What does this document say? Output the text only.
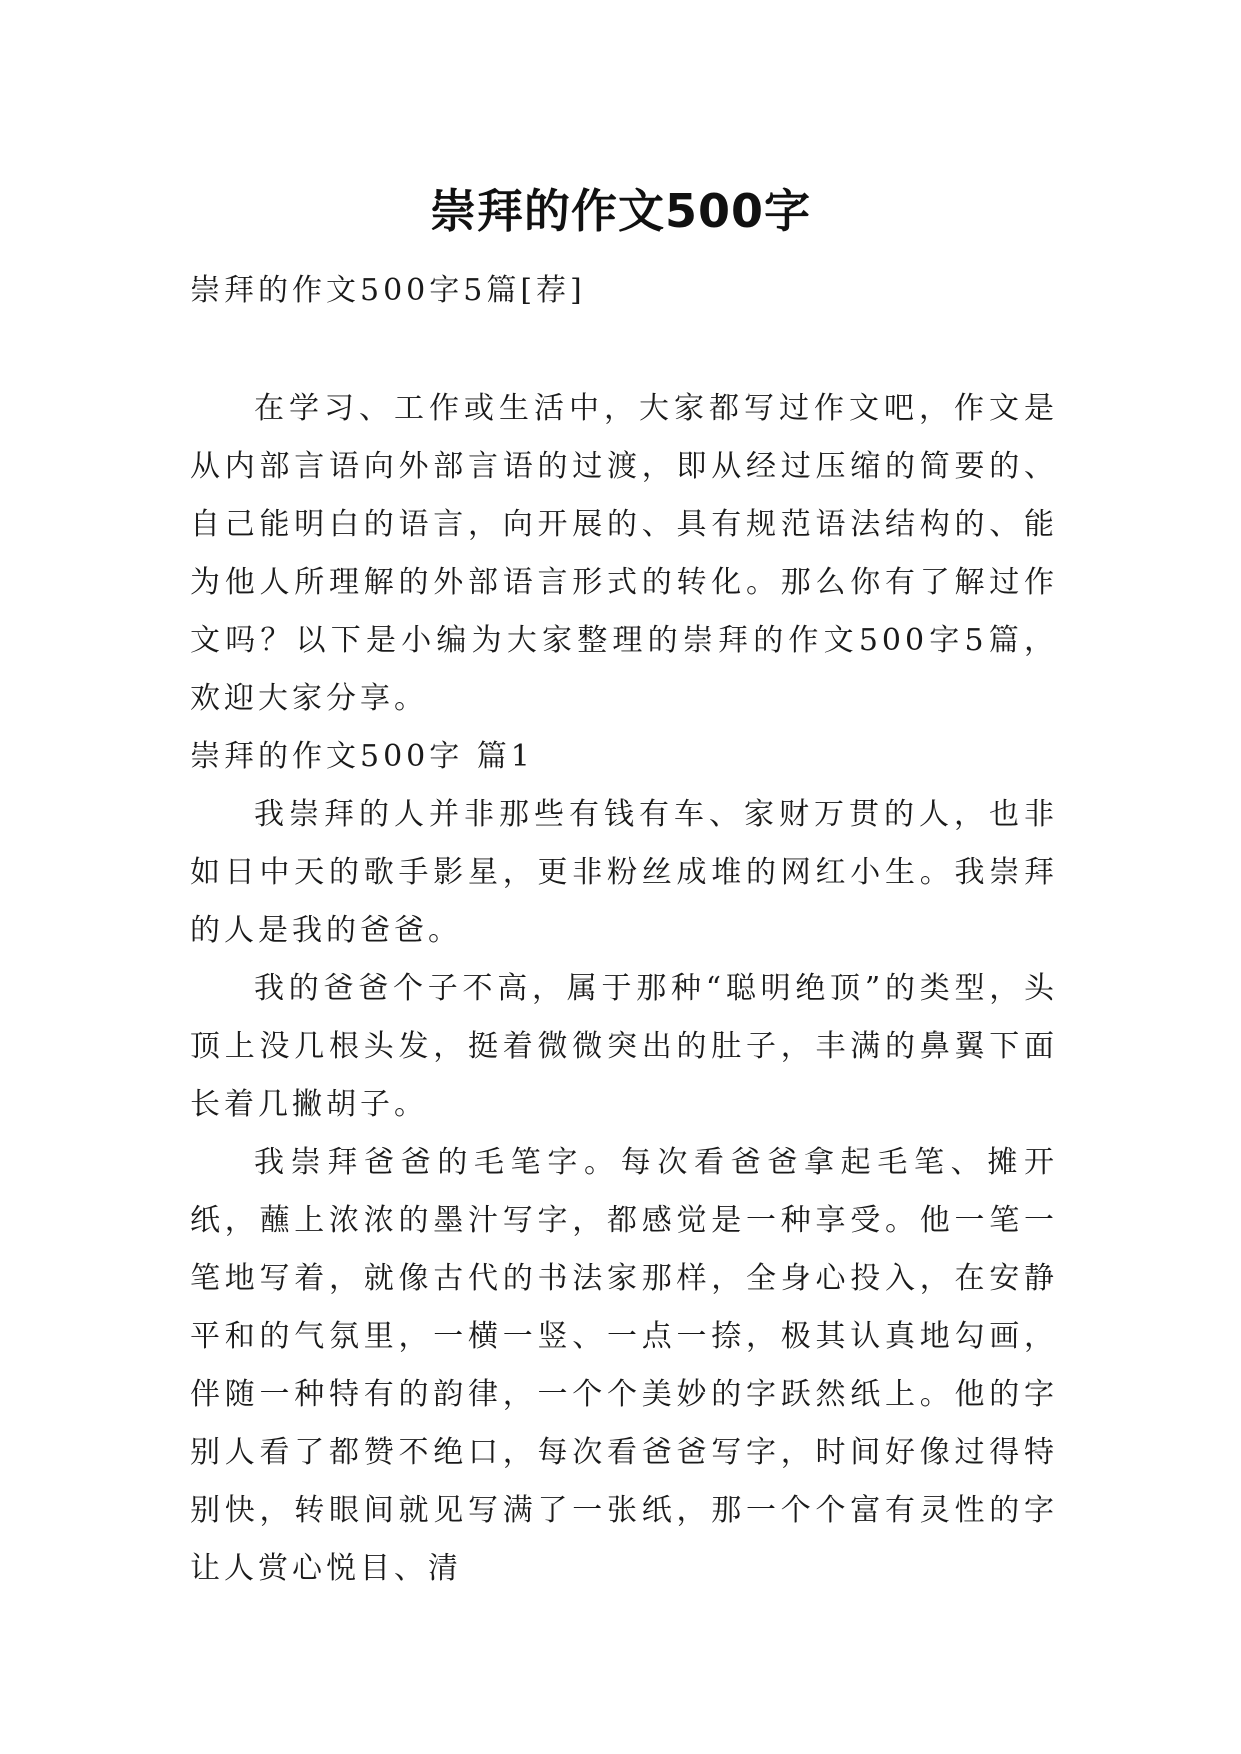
崇拜的作文500字

崇拜的作文500字5篇[荐]

在学习、工作或生活中，大家都写过作文吧，作文是从内部言语向外部言语的过渡，即从经过压缩的简要的、自己能明白的语言，向开展的、具有规范语法结构的、能为他人所理解的外部语言形式的转化。那么你有了解过作文吗？以下是小编为大家整理的崇拜的作文500字5篇，欢迎大家分享。

崇拜的作文500字 篇1

我崇拜的人并非那些有钱有车、家财万贯的人，也非如日中天的歌手影星，更非粉丝成堆的网红小生。我崇拜的人是我的爸爸。

我的爸爸个子不高，属于那种“聪明绝顶”的类型，头顶上没几根头发，挺着微微突出的肚子，丰满的鼻翼下面长着几撇胡子。

我崇拜爸爸的毛笔字。每次看爸爸拿起毛笔、摊开纸，蘸上浓浓的墨汁写字，都感觉是一种享受。他一笔一笔地写着，就像古代的书法家那样，全身心投入，在安静平和的气氛里，一横一竖、一点一捺，极其认真地勾画，伴随一种特有的韵律，一个个美妙的字跃然纸上。他的字别人看了都赞不绝口，每次看爸爸写字，时间好像过得特别快，转眼间就见写满了一张纸，那一个个富有灵性的字让人赏心悦目、清
